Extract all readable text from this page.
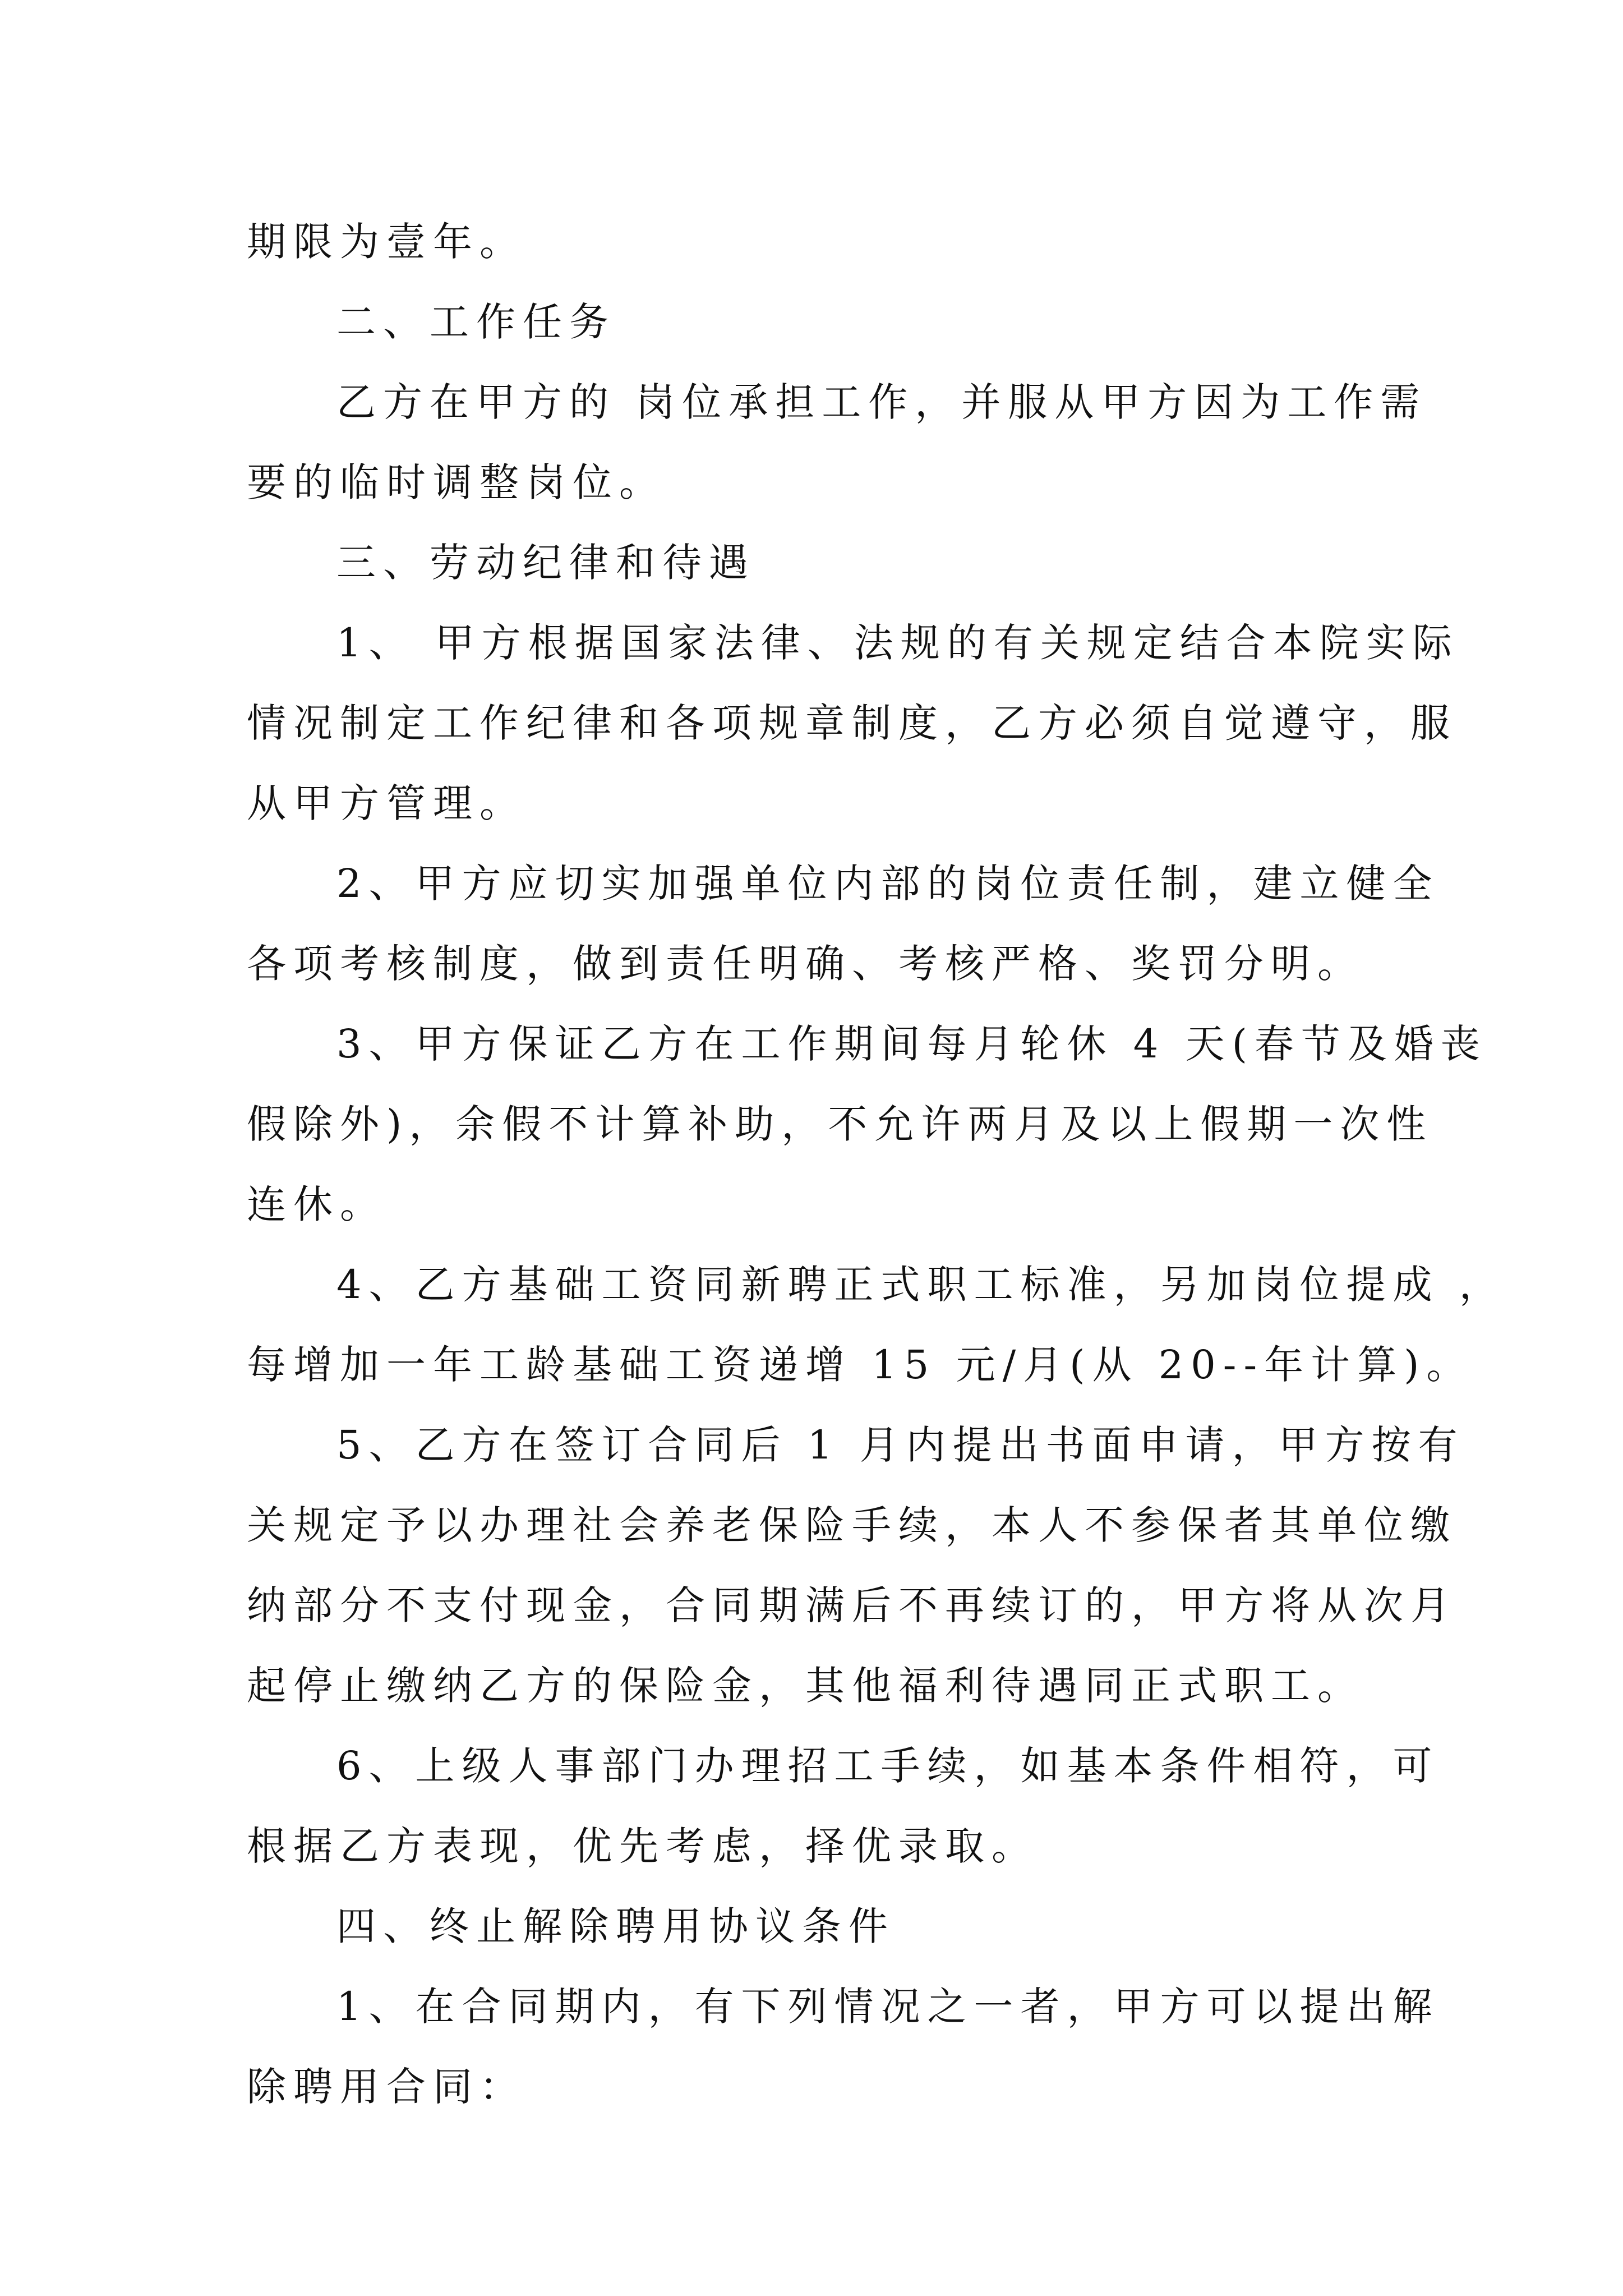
期限为壹年。
二、工作任务
乙方在甲方的 岗位承担工作，并服从甲方因为工作需
要的临时调整岗位。
三、劳动纪律和待遇
1、 甲方根据国家法律、法规的有关规定结合本院实际
情况制定工作纪律和各项规章制度，乙方必须自觉遵守，服
从甲方管理。
2、甲方应切实加强单位内部的岗位责任制，建立健全
各项考核制度，做到责任明确、考核严格、奖罚分明。
3、甲方保证乙方在工作期间每月轮休 4 天(春节及婚丧
假除外)，余假不计算补助，不允许两月及以上假期一次性
连休。
4、乙方基础工资同新聘正式职工标准，另加岗位提成 ，
每增加一年工龄基础工资递增 15 元/月(从 20--年计算)。
5、乙方在签订合同后 1 月内提出书面申请，甲方按有
关规定予以办理社会养老保险手续，本人不参保者其单位缴
纳部分不支付现金，合同期满后不再续订的，甲方将从次月
起停止缴纳乙方的保险金，其他福利待遇同正式职工。
6、上级人事部门办理招工手续，如基本条件相符，可
根据乙方表现，优先考虑，择优录取。
四、终止解除聘用协议条件
1、在合同期内，有下列情况之一者，甲方可以提出解
除聘用合同：
